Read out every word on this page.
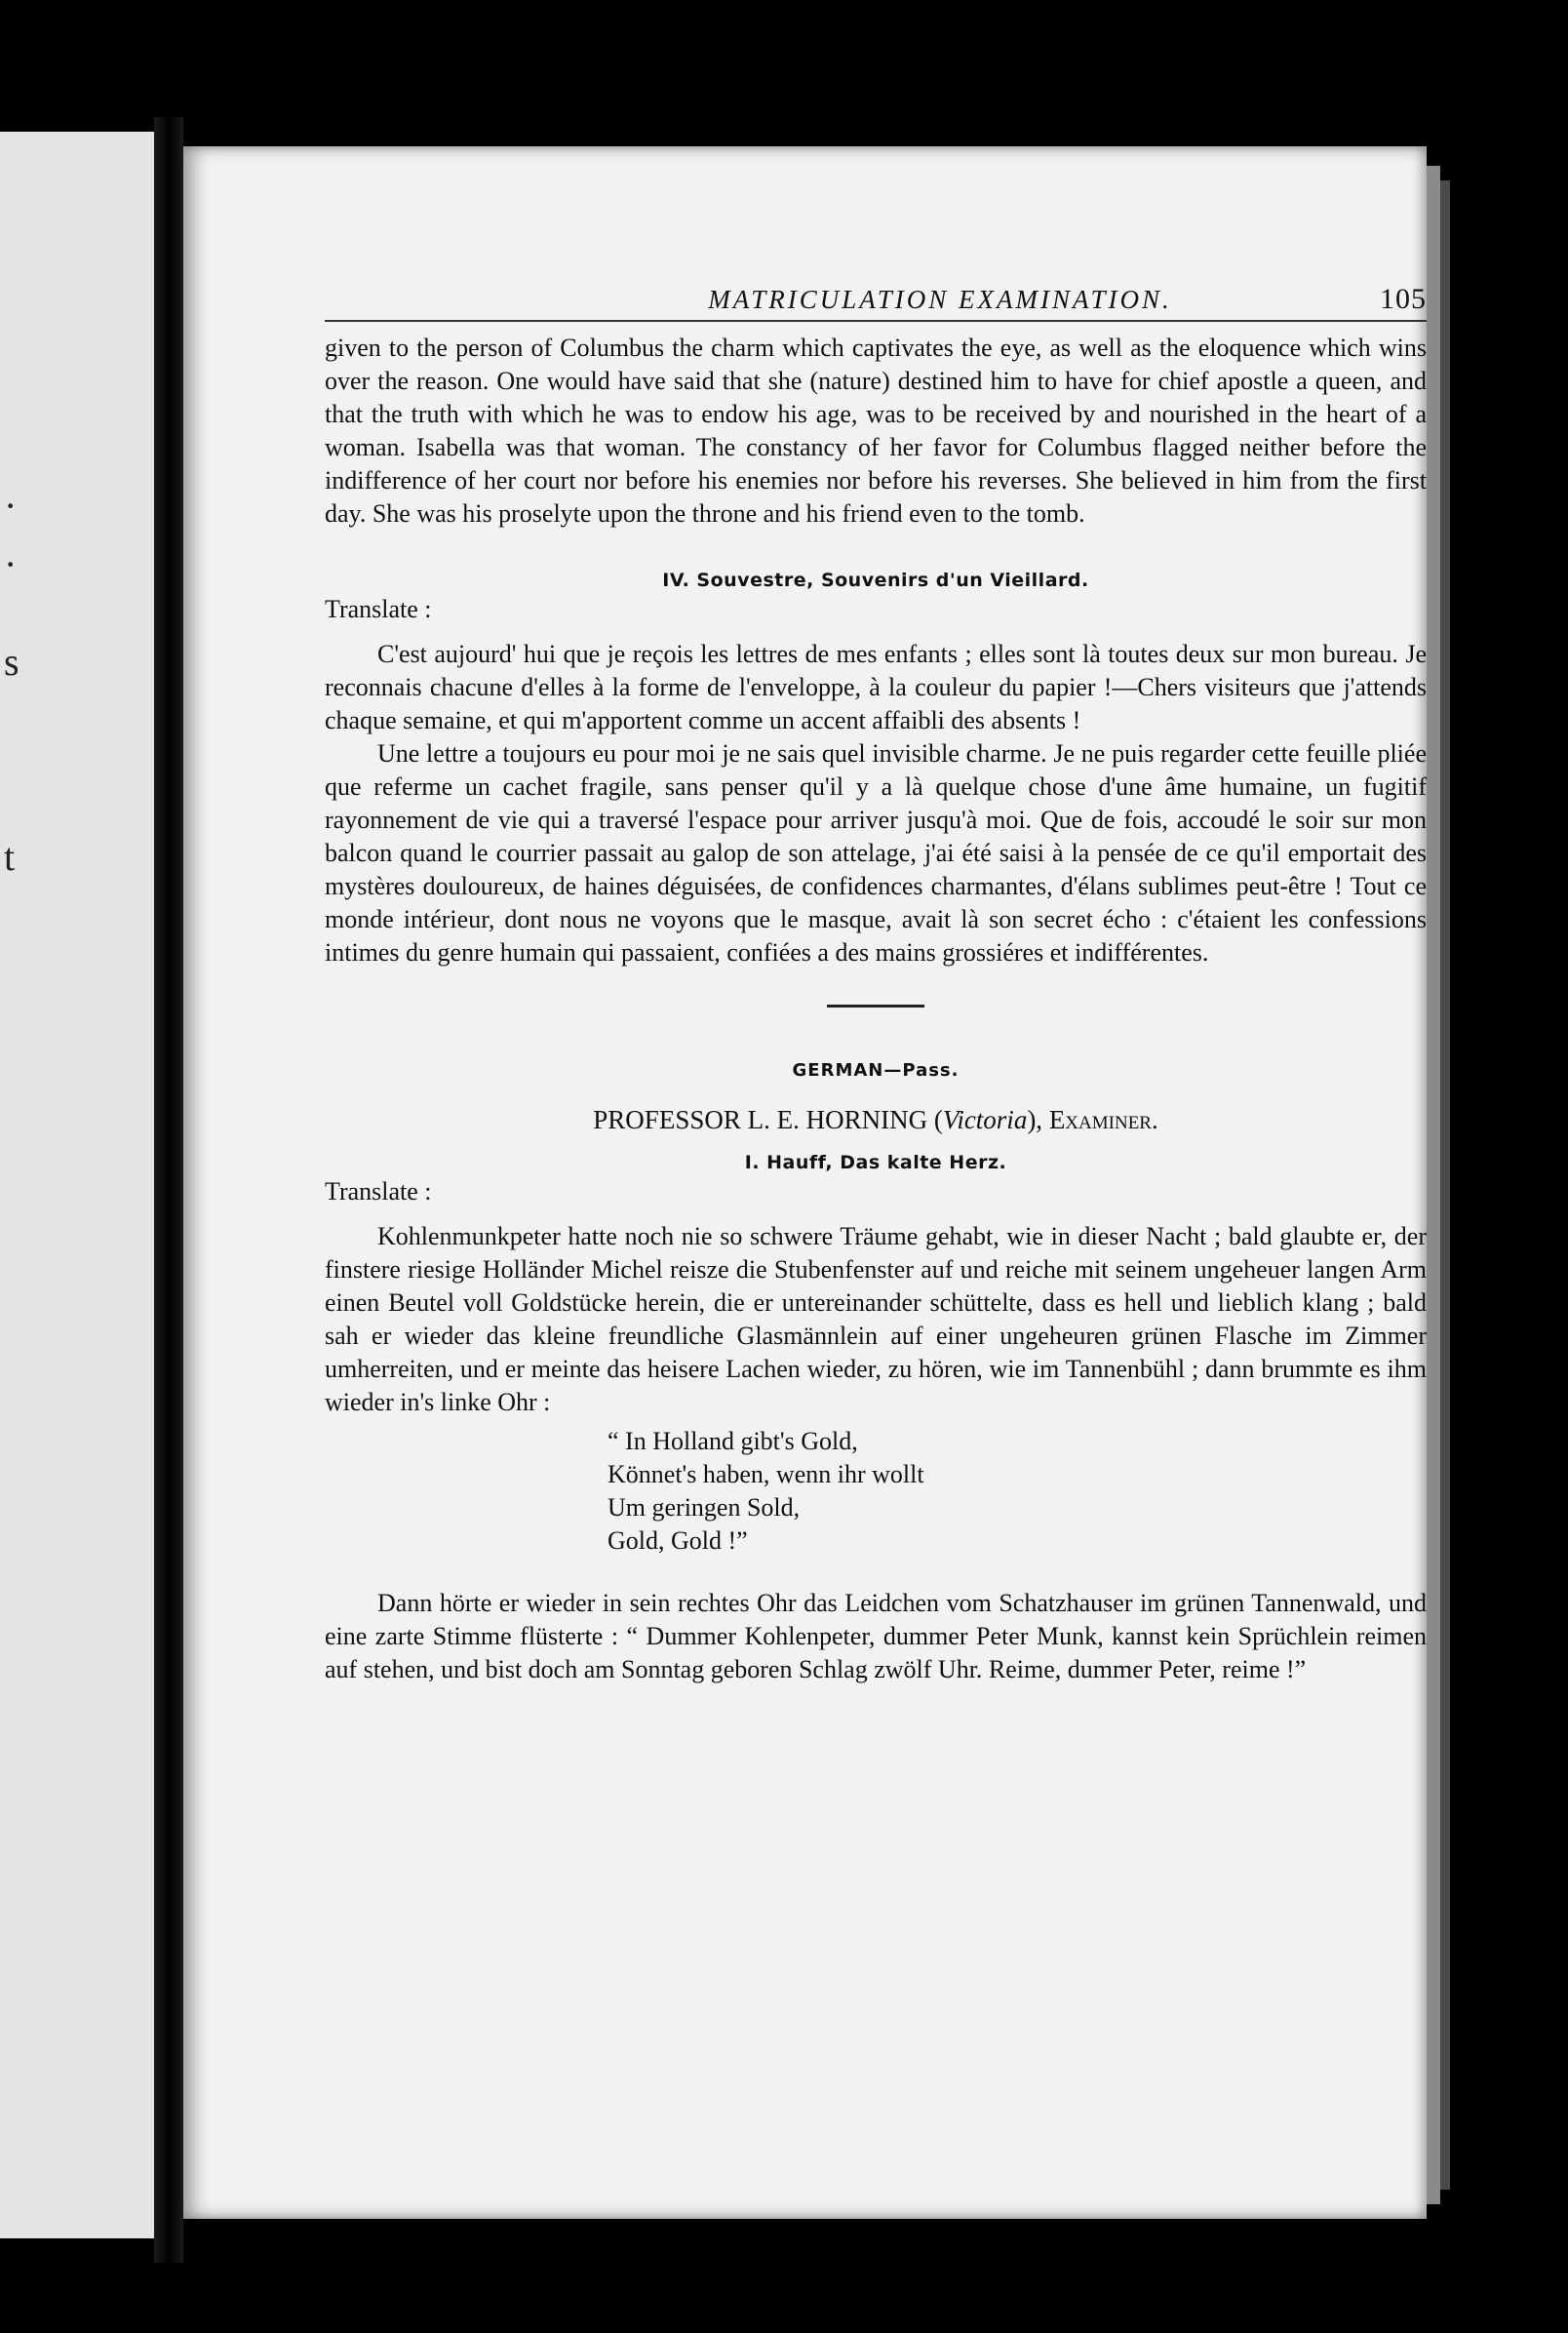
·
·
s
t
MATRICULATION EXAMINATION.	105

given to the person of Columbus the charm which captivates the eye, as well as the eloquence which wins over the reason. One would have said that she (nature) destined him to have for chief apostle a queen, and that the truth with which he was to endow his age, was to be received by and nourished in the heart of a woman. Isabella was that woman. The constancy of her favor for Columbus flagged neither before the indifference of her court nor before his enemies nor before his reverses. She believed in him from the first day. She was his proselyte upon the throne and his friend even to the tomb.

IV. Souvestre, Souvenirs d'un Vieillard.
Translate :

C'est aujourd' hui que je reçois les lettres de mes enfants ; elles sont là toutes deux sur mon bureau. Je reconnais chacune d'elles à la forme de l'enveloppe, à la couleur du papier !—Chers visiteurs que j'attends chaque semaine, et qui m'apportent comme un accent affaibli des absents !

Une lettre a toujours eu pour moi je ne sais quel invisible charme. Je ne puis regarder cette feuille pliée que referme un cachet fragile, sans penser qu'il y a là quelque chose d'une âme humaine, un fugitif rayonnement de vie qui a traversé l'espace pour arriver jusqu'à moi. Que de fois, accoudé le soir sur mon balcon quand le courrier passait au galop de son attelage, j'ai été saisi à la pensée de ce qu'il emportait des mystères douloureux, de haines déguisées, de confidences charmantes, d'élans sublimes peut-être ! Tout ce monde intérieur, dont nous ne voyons que le masque, avait là son secret écho : c'étaient les confessions intimes du genre humain qui passaient, confiées a des mains grossiéres et indifférentes.

GERMAN—Pass.
PROFESSOR L. E. HORNING (Victoria), Examiner.
I. Hauff, Das kalte Herz.
Translate :

Kohlenmunkpeter hatte noch nie so schwere Träume gehabt, wie in dieser Nacht ; bald glaubte er, der finstere riesige Holländer Michel reisze die Stubenfenster auf und reiche mit seinem ungeheuer langen Arm einen Beutel voll Goldstücke herein, die er untereinander schüttelte, dass es hell und lieblich klang ; bald sah er wieder das kleine freundliche Glasmännlein auf einer ungeheuren grünen Flasche im Zimmer umherreiten, und er meinte das heisere Lachen wieder, zu hören, wie im Tannenbühl ; dann brummte es ihm wieder in's linke Ohr :

“ In Holland gibt's Gold,
Könnet's haben, wenn ihr wollt
Um geringen Sold,
Gold, Gold !”

Dann hörte er wieder in sein rechtes Ohr das Leidchen vom Schatzhauser im grünen Tannenwald, und eine zarte Stimme flüsterte : “ Dummer Kohlenpeter, dummer Peter Munk, kannst kein Sprüchlein reimen auf stehen, und bist doch am Sonntag geboren Schlag zwölf Uhr. Reime, dummer Peter, reime !”
